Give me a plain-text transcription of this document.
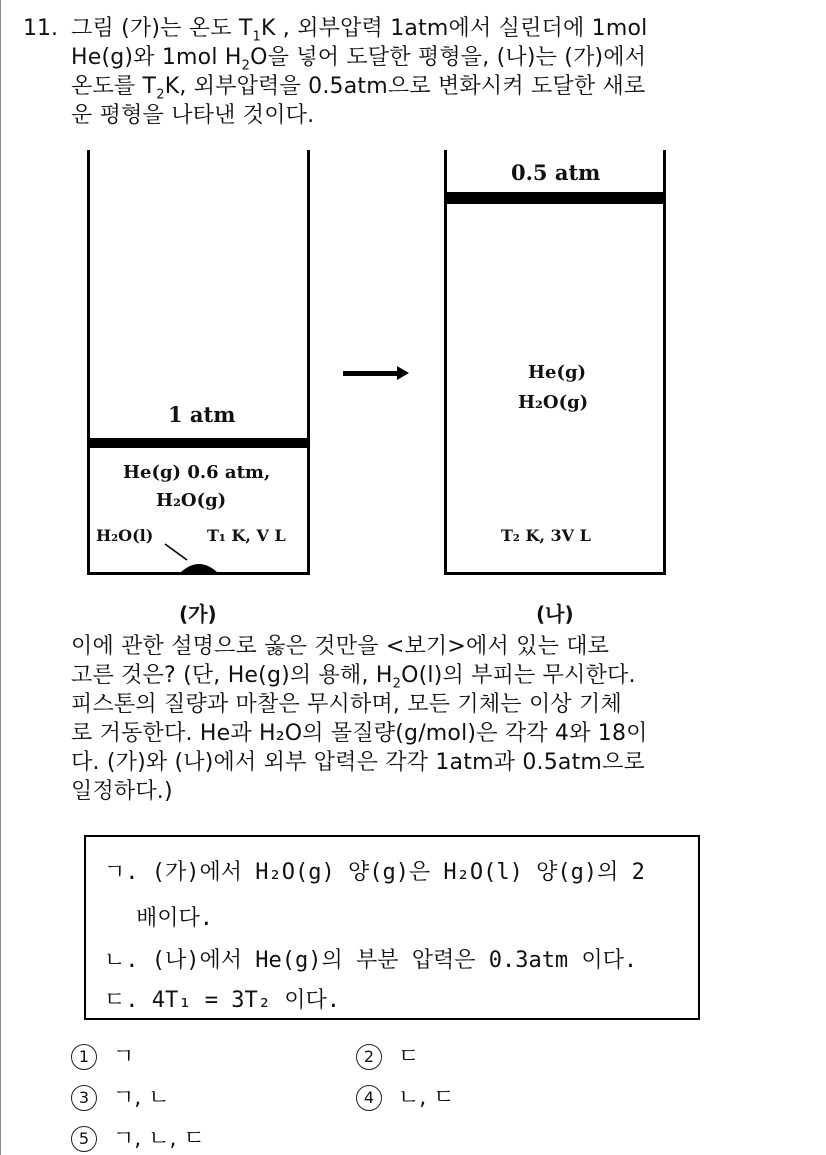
11. 그림 (가)는 온도 $T_1K$ , 외부압력 1atm에서 실린더에 1mol
He(g)와 1mol $H_2O$을 넣어 도달한 평형을, (나)는 (가)에서
온도를 $T_2K$, 외부압력을 0.5atm으로 변화시켜 도달한 새로
운 평형을 나타낸 것이다.
1 atm
He(g) 0.6 atm,
H₂O(g)
H₂O(l)	T₁ K, V L
(가)
0.5 atm
He(g)
H₂O(g)
T₂ K, 3V L
(나)
이에 관한 설명으로 옳은 것만을 <보기>에서 있는 대로
고른 것은? (단, He(g)의 용해, $H_2O(l)$의 부피는 무시한다.
피스톤의 질량과 마찰은 무시하며, 모든 기체는 이상 기체
로 거동한다. He과 H₂O의 몰질량(g/mol)은 각각 4와 18이
다. (가)와 (나)에서 외부 압력은 각각 1atm과 0.5atm으로
일정하다.)
ㄱ. (가)에서 H₂O(g) 양(g)은 H₂O(l) 양(g)의 2
배이다.
ㄴ. (나)에서 He(g)의 부분 압력은 0.3atm 이다.
ㄷ. 4T₁ = 3T₂ 이다.
1 ㄱ	2 ㄷ
3 ㄱ, ㄴ	4 ㄴ, ㄷ
5 ㄱ, ㄴ, ㄷ
